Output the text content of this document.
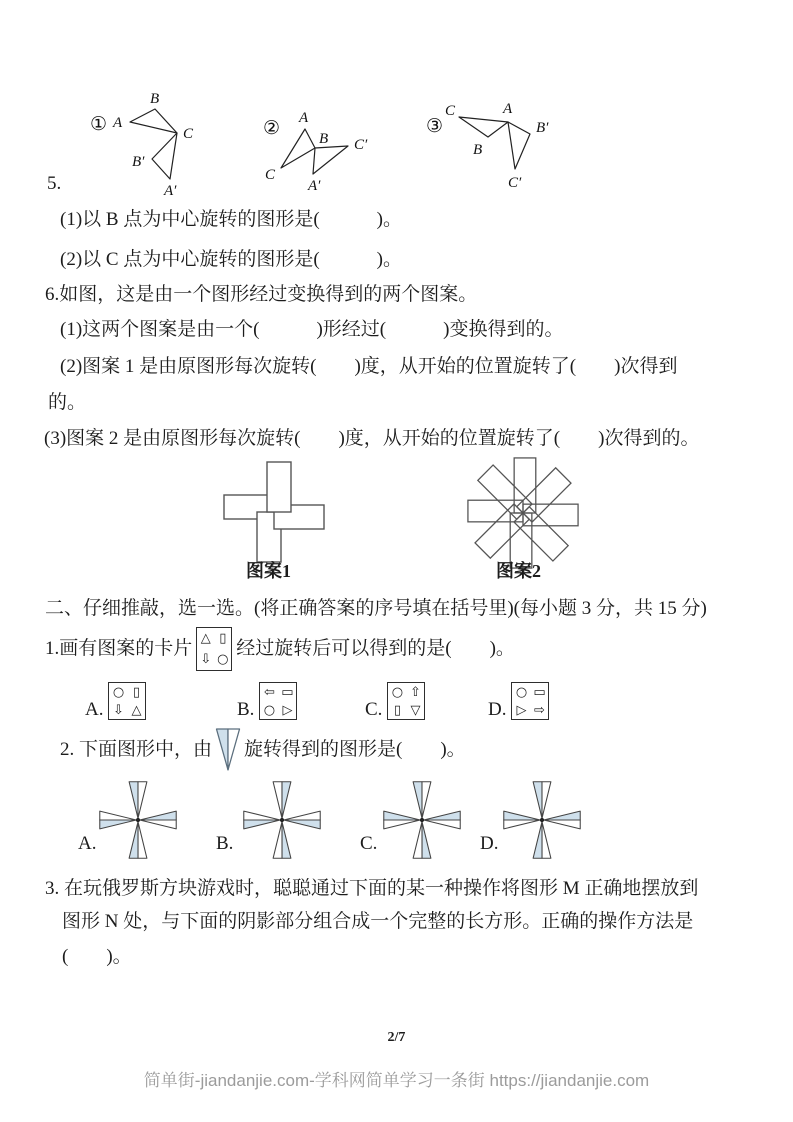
① A
B
C
B′
A′
② A
B C′
C
A′
③
C	A
B′
B
C′
5.
(1)以 B 点为中心旋转的图形是(　　　)。
(2)以 C 点为中心旋转的图形是(　　　)。
6.如图，这是由一个图形经过变换得到的两个图案。
(1)这两个图案是由一个(　　　)形经过(　　　)变换得到的。
(2)图案 1 是由原图形每次旋转(　　)度，从开始的位置旋转了(　　)次得到
的。
(3)图案 2 是由原图形每次旋转(　　)度，从开始的位置旋转了(　　)次得到的。
图案1	图案2
二、仔细推敲，选一选。(将正确答案的序号填在括号里)(每小题 3 分，共 15 分)
1.画有图案的卡片 △ ▯
⇩ ○
经过旋转后可以得到的是(　　)。
A.
○ ▯
⇩ △	B.
⇦ ▭
○ ▷	C.
○ ⇧
▯ ▽	D.
○ ▭
▷ ⇨
2. 下面图形中，由 旋转得到的图形是(　　)。
A.	B.	C.	D.
3. 在玩俄罗斯方块游戏时，聪聪通过下面的某一种操作将图形 M 正确地摆放到
图形 N 处，与下面的阴影部分组合成一个完整的长方形。正确的操作方法是
(　　)。
2/7
简单街-jiandanjie.com-学科网简单学习一条街 https://jiandanjie.com
